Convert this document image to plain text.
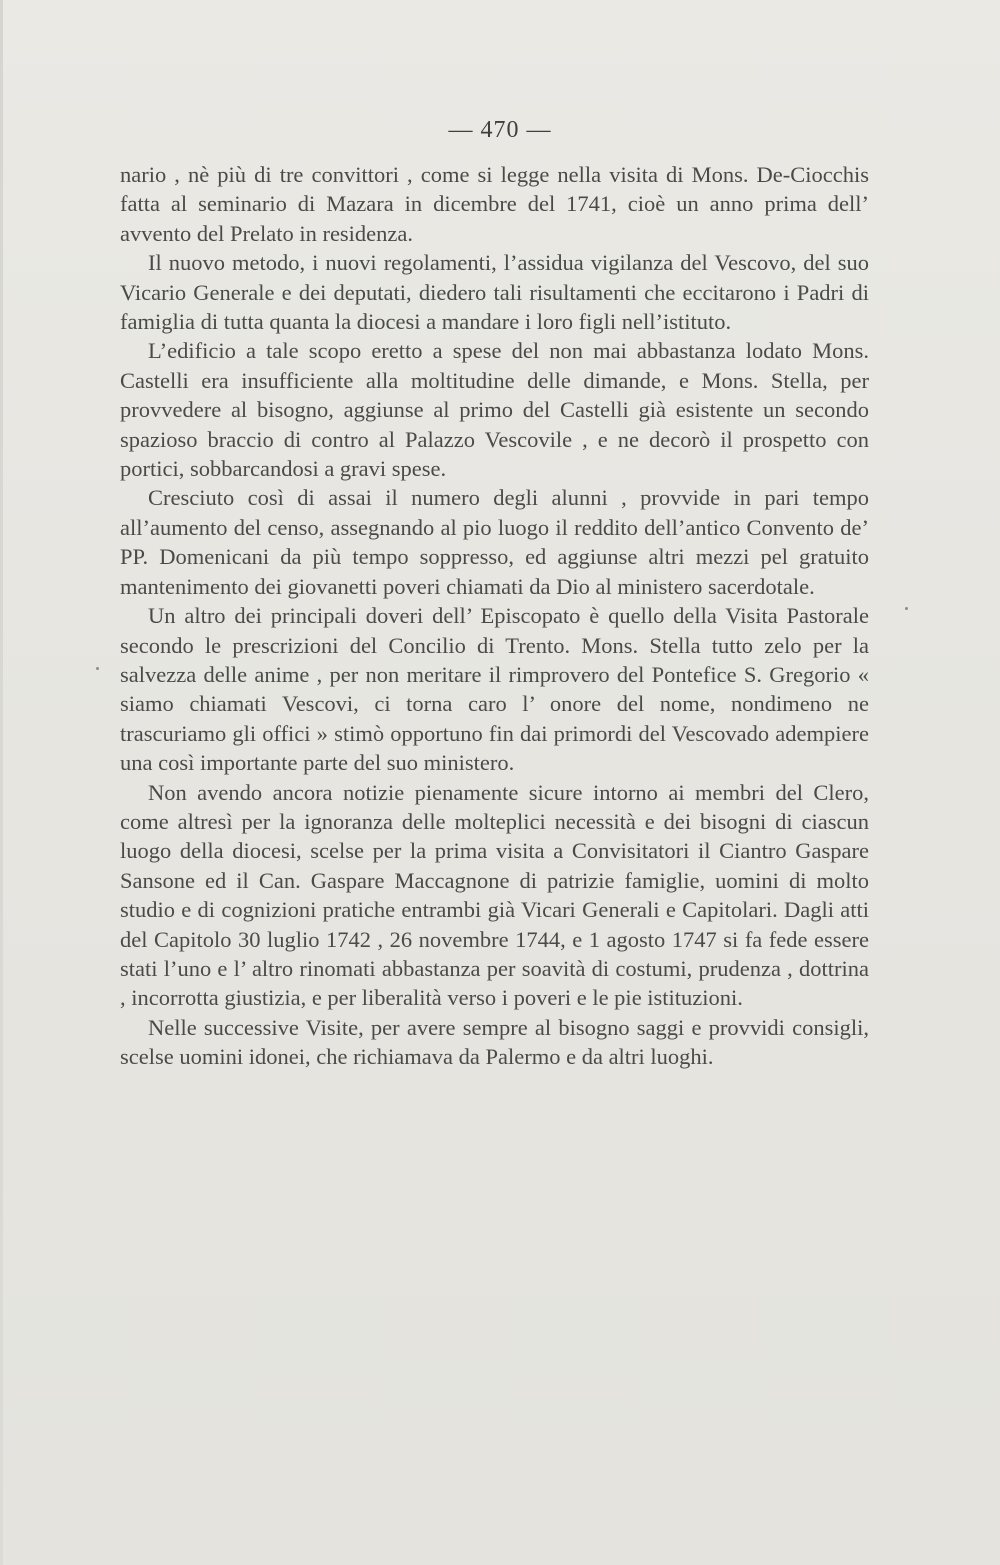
— 470 —

nario , nè più di tre convittori , come si legge nella visita di Mons. De-Ciocchis fatta al seminario di Mazara in dicembre del 1741, cioè un anno prima dell’ avvento del Prelato in residenza.

Il nuovo metodo, i nuovi regolamenti, l’assidua vigilanza del Vescovo, del suo Vicario Generale e dei deputati, diedero tali risultamenti che eccitarono i Padri di famiglia di tutta quanta la diocesi a mandare i loro figli nell’istituto.

L’edificio a tale scopo eretto a spese del non mai abbastanza lodato Mons. Castelli era insufficiente alla moltitudine delle dimande, e Mons. Stella, per provvedere al bisogno, aggiunse al primo del Castelli già esistente un secondo spazioso braccio di contro al Palazzo Vescovile , e ne decorò il prospetto con portici, sobbarcandosi a gravi spese.

Cresciuto così di assai il numero degli alunni , provvide in pari tempo all’aumento del censo, assegnando al pio luogo il reddito dell’antico Convento de’ PP. Domenicani da più tempo soppresso, ed aggiunse altri mezzi pel gratuito mantenimento dei giovanetti poveri chiamati da Dio al ministero sacerdotale.

Un altro dei principali doveri dell’ Episcopato è quello della Visita Pastorale secondo le prescrizioni del Concilio di Trento. Mons. Stella tutto zelo per la salvezza delle anime , per non meritare il rimprovero del Pontefice S. Gregorio « siamo chiamati Vescovi, ci torna caro l’ onore del nome, nondimeno ne trascuriamo gli offici » stimò opportuno fin dai primordi del Vescovado adempiere una così importante parte del suo ministero.

Non avendo ancora notizie pienamente sicure intorno ai membri del Clero, come altresì per la ignoranza delle molteplici necessità e dei bisogni di ciascun luogo della diocesi, scelse per la prima visita a Convisitatori il Ciantro Gaspare Sansone ed il Can. Gaspare Maccagnone di patrizie famiglie, uomini di molto studio e di cognizioni pratiche entrambi già Vicari Generali e Capitolari. Dagli atti del Capitolo 30 luglio 1742 , 26 novembre 1744, e 1 agosto 1747 si fa fede essere stati l’uno e l’ altro rinomati abbastanza per soavità di costumi, prudenza , dottrina , incorrotta giustizia, e per liberalità verso i poveri e le pie istituzioni.

Nelle successive Visite, per avere sempre al bisogno saggi e provvidi consigli, scelse uomini idonei, che richiamava da Palermo e da altri luoghi.
